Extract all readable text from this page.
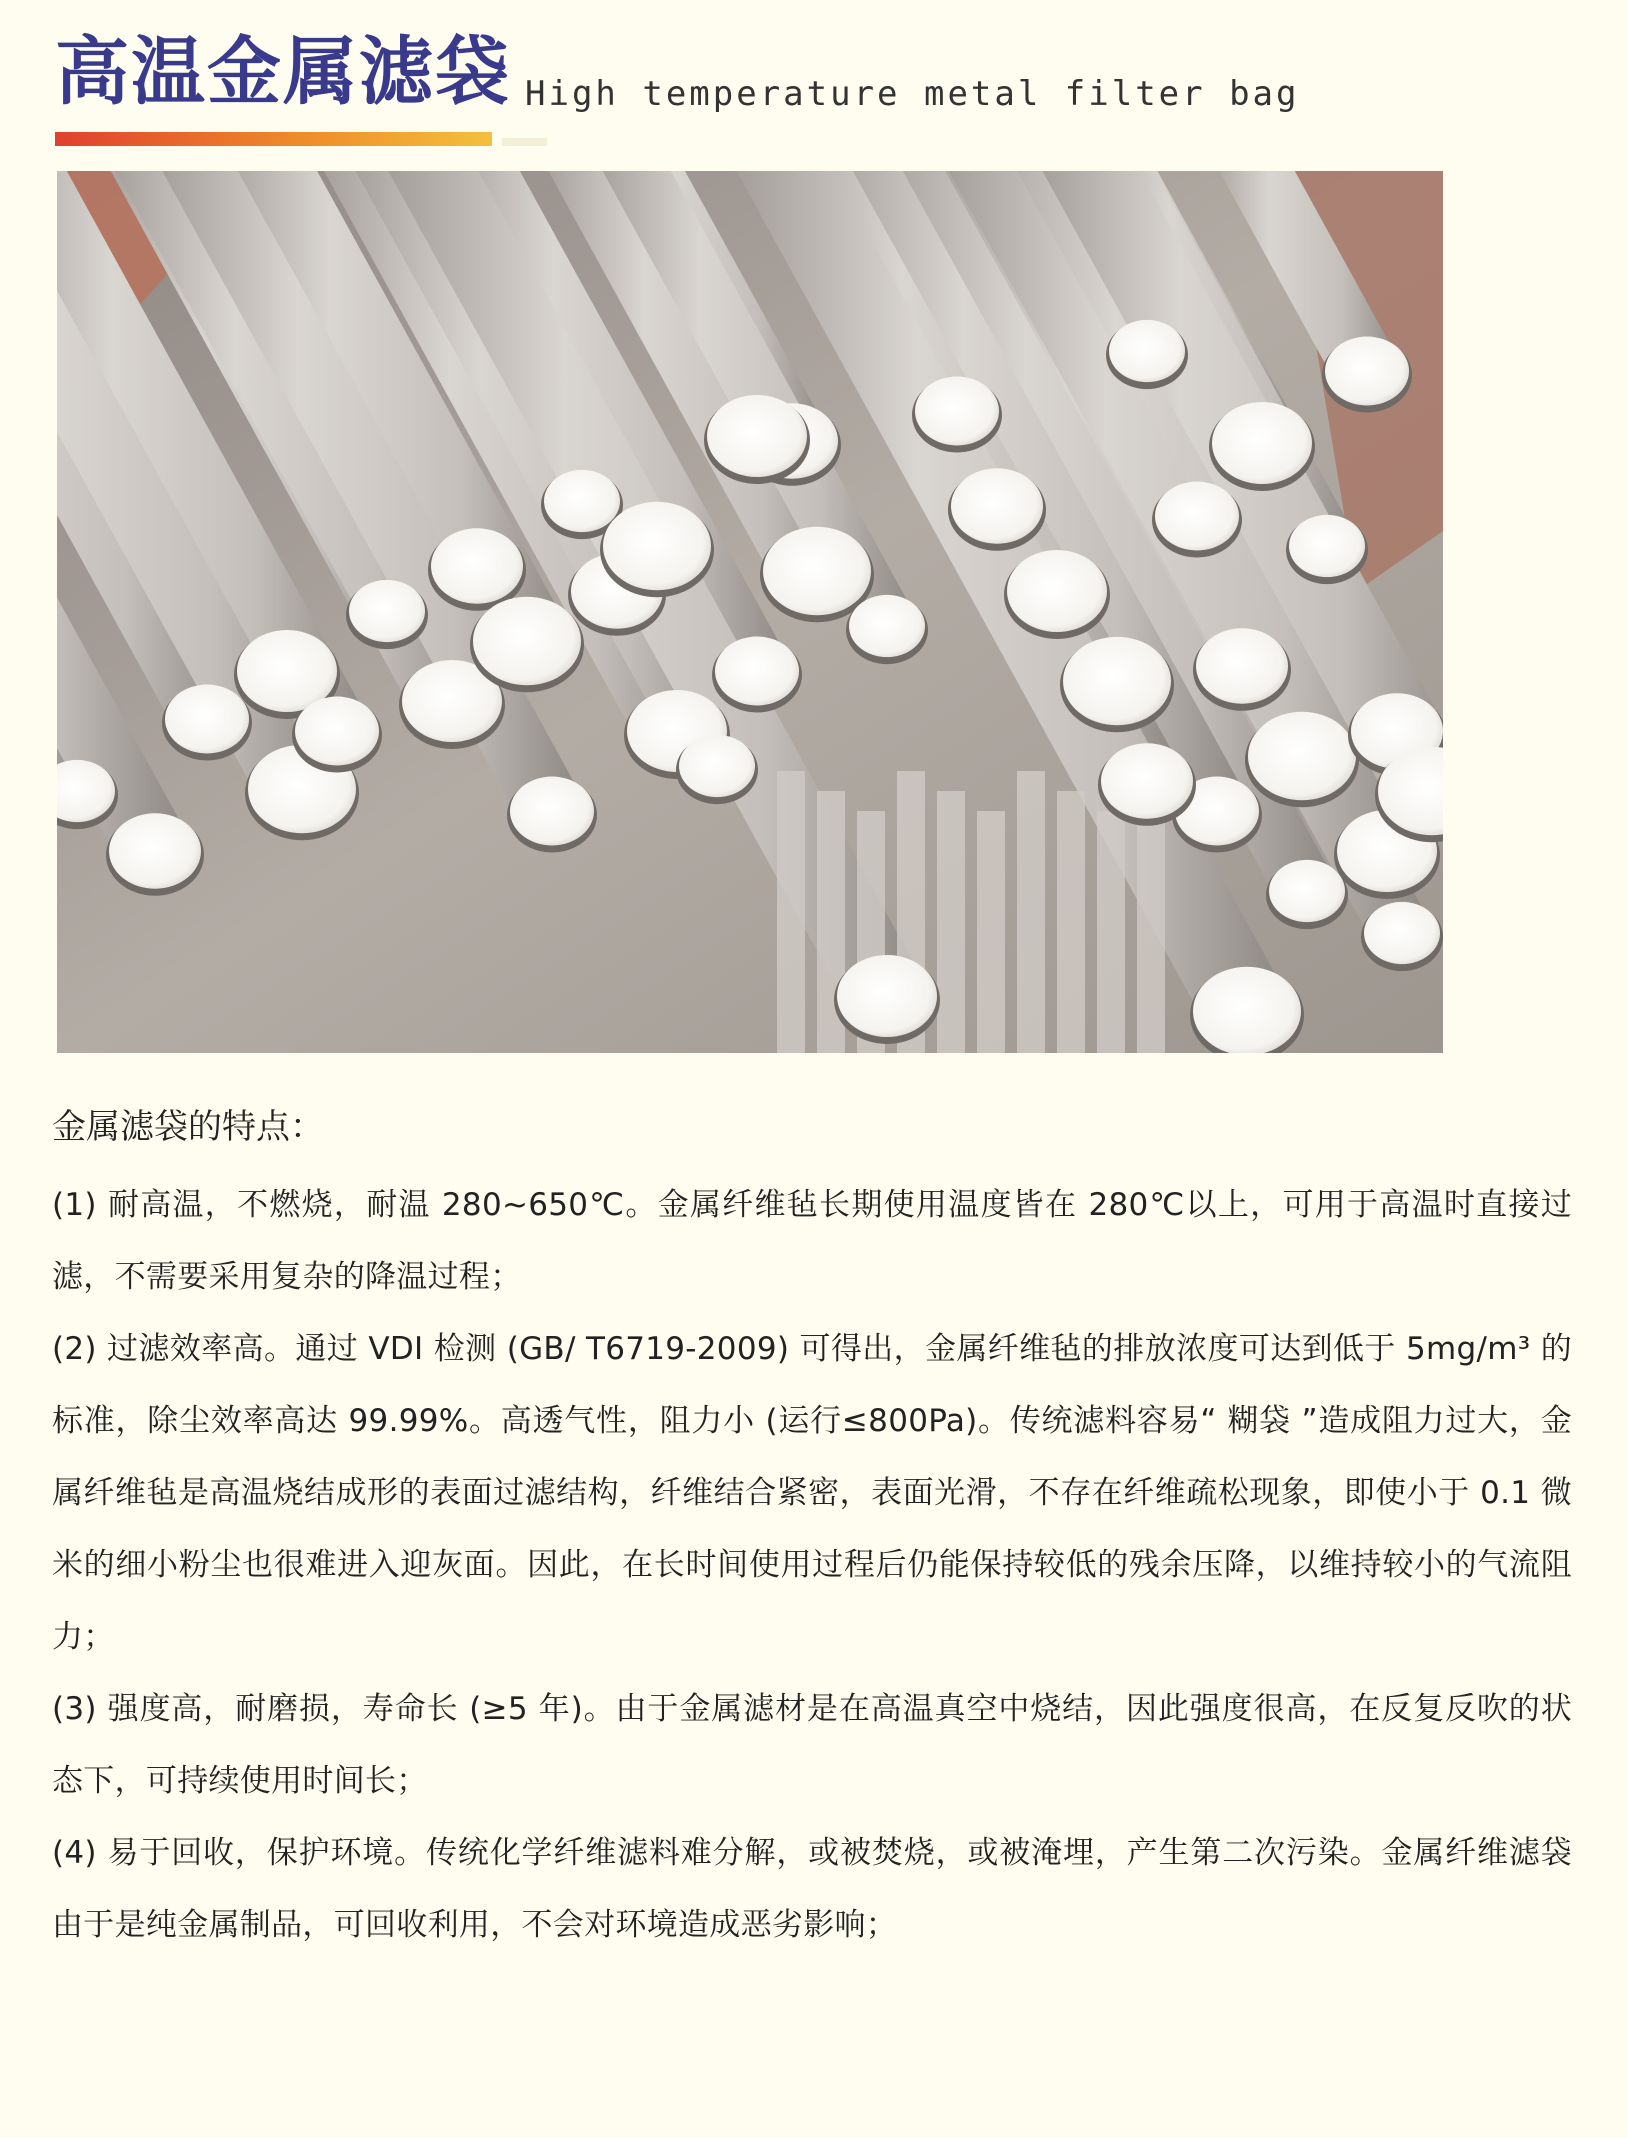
高温金属滤袋 High temperature metal filter bag

金属滤袋的特点：

(1) 耐高温，不燃烧，耐温 280~650℃。金属纤维毡长期使用温度皆在 280℃以上，可用于高温时直接过滤，不需要采用复杂的降温过程；

(2) 过滤效率高。通过 VDI 检测 (GB/ T6719-2009) 可得出，金属纤维毡的排放浓度可达到低于 5mg/m³ 的标准，除尘效率高达 99.99%。高透气性，阻力小 (运行≤800Pa)。传统滤料容易“ 糊袋 ”造成阻力过大，金属纤维毡是高温烧结成形的表面过滤结构，纤维结合紧密，表面光滑，不存在纤维疏松现象，即使小于 0.1 微米的细小粉尘也很难进入迎灰面。因此，在长时间使用过程后仍能保持较低的残余压降，以维持较小的气流阻力；

(3) 强度高，耐磨损，寿命长 (≥5 年)。由于金属滤材是在高温真空中烧结，因此强度很高，在反复反吹的状态下，可持续使用时间长；

(4) 易于回收，保护环境。传统化学纤维滤料难分解，或被焚烧，或被淹埋，产生第二次污染。金属纤维滤袋由于是纯金属制品，可回收利用，不会对环境造成恶劣影响；
